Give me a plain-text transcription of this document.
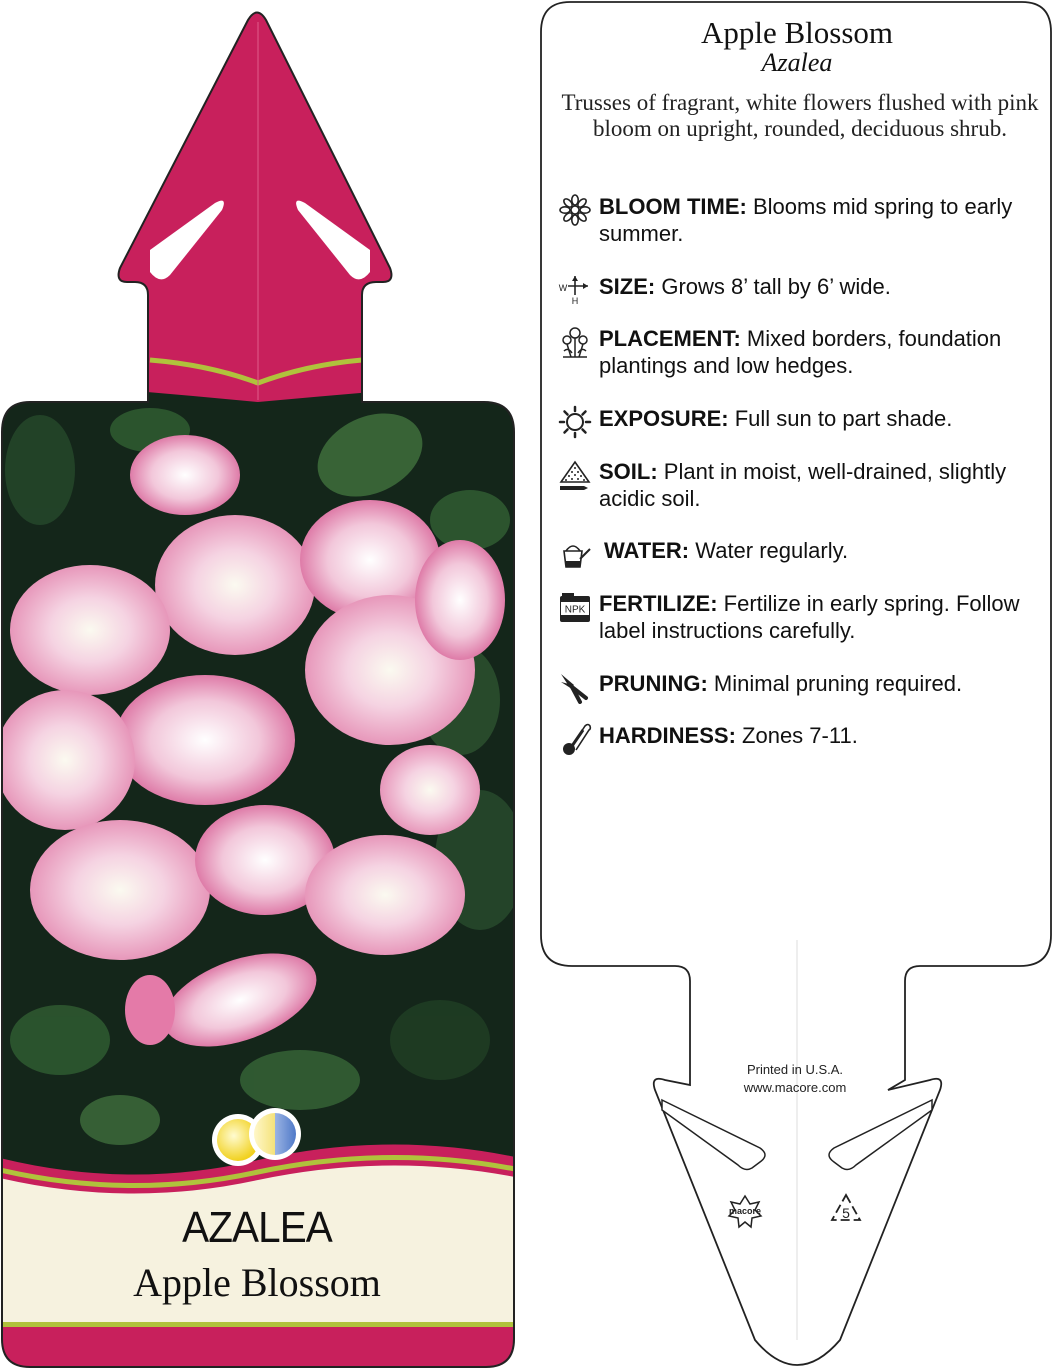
AZALEA
Apple Blossom
macore	5
Apple Blossom
Azalea
Trusses of fragrant, white flowers flushed with pink bloom on upright, rounded, deciduous shrub.
BLOOM TIME: Blooms mid spring to early summer.
W
H
SIZE: Grows 8’ tall by 6’ wide.
PLACEMENT: Mixed borders, foundation plantings and low hedges.
EXPOSURE: Full sun to part shade.
SOIL: Plant in moist, well-drained, slightly acidic soil.
WATER: Water regularly.
NPK FERTILIZE: Fertilize in early spring. Follow label instructions carefully.
PRUNING: Minimal pruning required.
HARDINESS: Zones 7-11.
Printed in U.S.A.
www.macore.com
